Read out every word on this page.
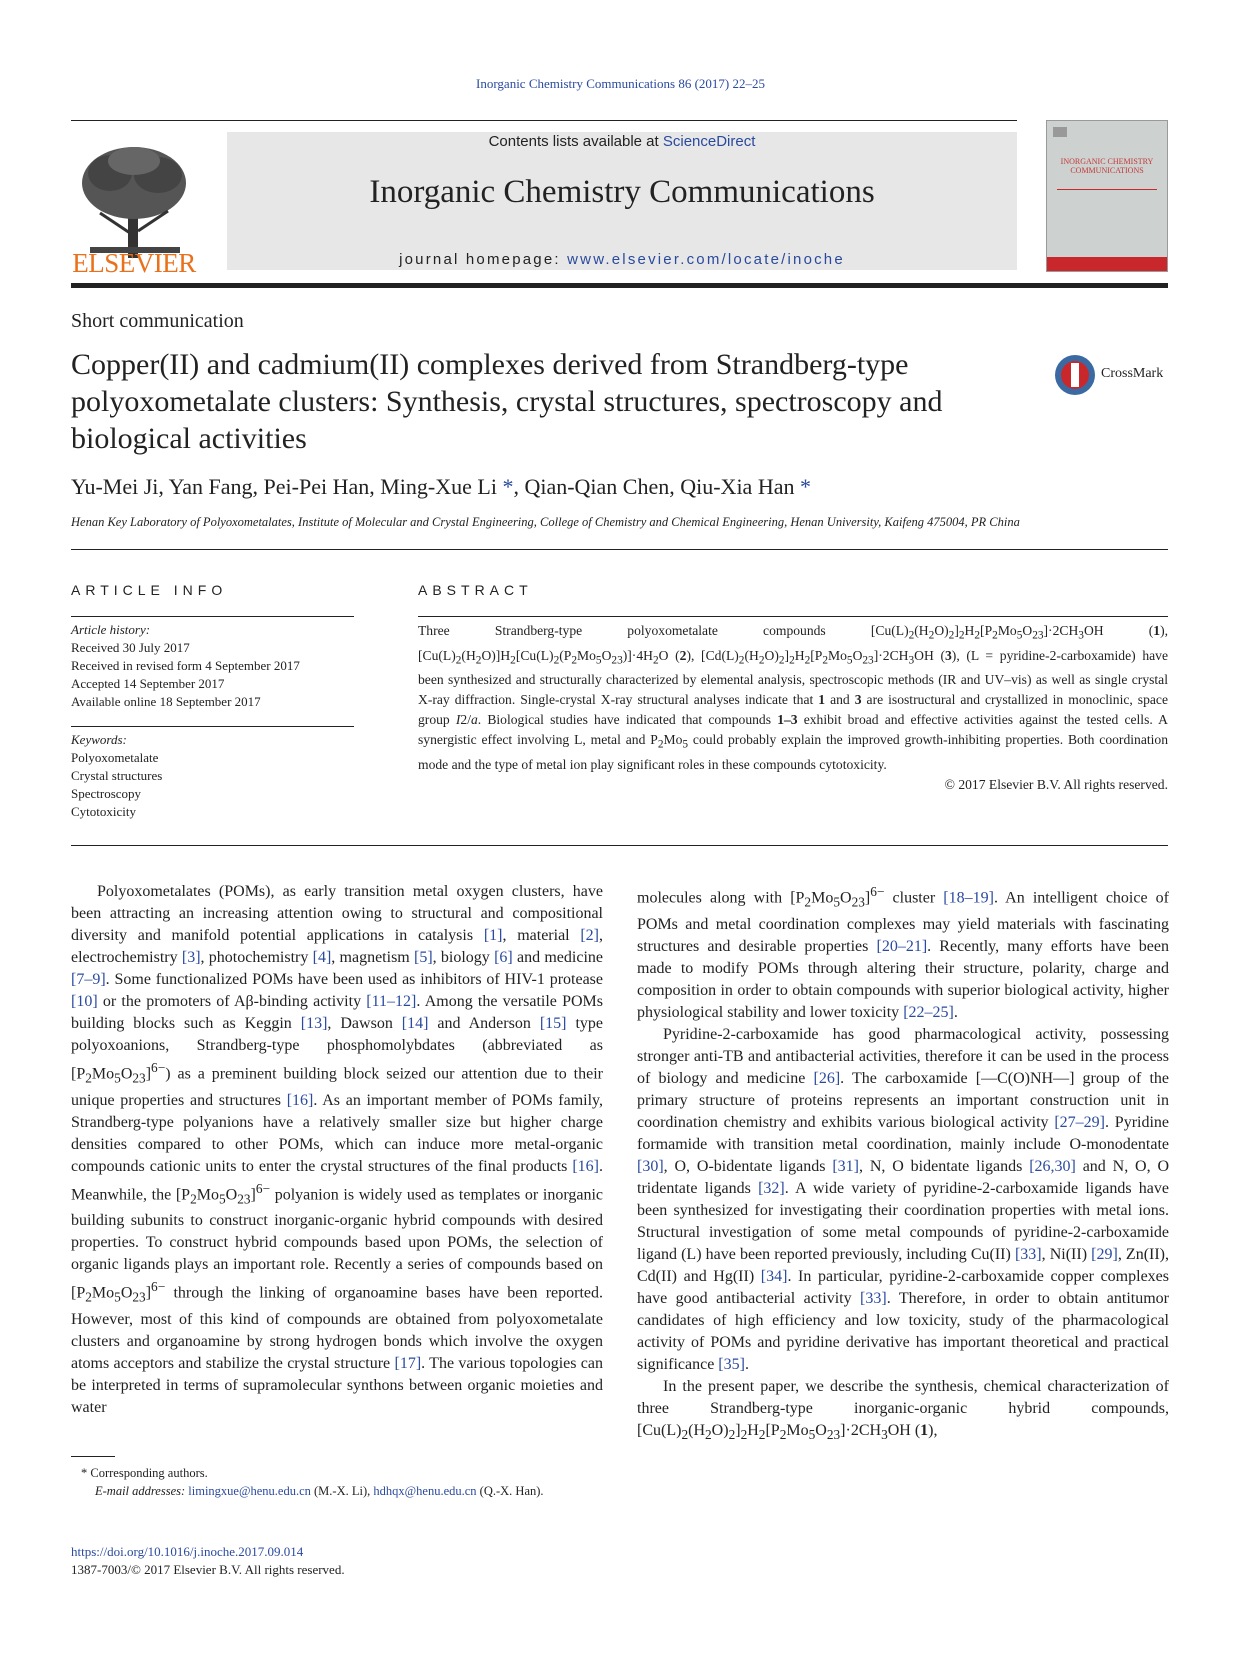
Inorganic Chemistry Communications 86 (2017) 22–25
ELSEVIER
Contents lists available at ScienceDirect
Inorganic Chemistry Communications
journal homepage: www.elsevier.com/locate/inoche
INORGANIC CHEMISTRY COMMUNICATIONS
Short communication
Copper(II) and cadmium(II) complexes derived from Strandberg-type polyoxometalate clusters: Synthesis, crystal structures, spectroscopy and biological activities
CrossMark
Yu-Mei Ji, Yan Fang, Pei-Pei Han, Ming-Xue Li *, Qian-Qian Chen, Qiu-Xia Han *
Henan Key Laboratory of Polyoxometalates, Institute of Molecular and Crystal Engineering, College of Chemistry and Chemical Engineering, Henan University, Kaifeng 475004, PR China
ARTICLE INFO
Article history:
Received 30 July 2017
Received in revised form 4 September 2017
Accepted 14 September 2017
Available online 18 September 2017
Keywords:
Polyoxometalate
Crystal structures
Spectroscopy
Cytotoxicity
ABSTRACT
Three Strandberg-type polyoxometalate compounds $[Cu(L)_2(H_2O)_2]_2H_2[P_2Mo_5O_{23}]\cdot 2CH_3OH$ (1), $[Cu(L)_2(H_2O)]H_2[Cu(L)_2(P_2Mo_5O_{23})]\cdot 4H_2O$ (2), $[Cd(L)_2(H_2O)_2]_2H_2[P_2Mo_5O_{23}]\cdot 2CH_3OH$ (3), (L = pyridine-2-carboxamide) have been synthesized and structurally characterized by elemental analysis, spectroscopic methods (IR and UV–vis) as well as single crystal X-ray diffraction. Single-crystal X-ray structural analyses indicate that 1 and 3 are isostructural and crystallized in monoclinic, space group I2/a. Biological studies have indicated that compounds 1–3 exhibit broad and effective activities against the tested cells. A synergistic effect involving L, metal and $P_2Mo_5$ could probably explain the improved growth-inhibiting properties. Both coordination mode and the type of metal ion play significant roles in these compounds cytotoxicity.
© 2017 Elsevier B.V. All rights reserved.

Polyoxometalates (POMs), as early transition metal oxygen clusters, have been attracting an increasing attention owing to structural and compositional diversity and manifold potential applications in catalysis [1], material [2], electrochemistry [3], photochemistry [4], magnetism [5], biology [6] and medicine [7–9]. Some functionalized POMs have been used as inhibitors of HIV-1 protease [10] or the promoters of Aβ-binding activity [11–12]. Among the versatile POMs building blocks such as Keggin [13], Dawson [14] and Anderson [15] type polyoxoanions, Strandberg-type phosphomolybdates (abbreviated as $[P_2Mo_5O_{23}]^{6-}$) as a preminent building block seized our attention due to their unique properties and structures [16]. As an important member of POMs family, Strandberg-type polyanions have a relatively smaller size but higher charge densities compared to other POMs, which can induce more metal-organic compounds cationic units to enter the crystal structures of the final products [16]. Meanwhile, the $[P_2Mo_5O_{23}]^{6-}$ polyanion is widely used as templates or inorganic building subunits to construct inorganic-organic hybrid compounds with desired properties. To construct hybrid compounds based upon POMs, the selection of organic ligands plays an important role. Recently a series of compounds based on $[P_2Mo_5O_{23}]^{6-}$ through the linking of organoamine bases have been reported. However, most of this kind of compounds are obtained from polyoxometalate clusters and organoamine by strong hydrogen bonds which involve the oxygen atoms acceptors and stabilize the crystal structure [17]. The various topologies can be interpreted in terms of supramolecular synthons between organic moieties and water

molecules along with $[P_2Mo_5O_{23}]^{6-}$ cluster [18–19]. An intelligent choice of POMs and metal coordination complexes may yield materials with fascinating structures and desirable properties [20–21]. Recently, many efforts have been made to modify POMs through altering their structure, polarity, charge and composition in order to obtain compounds with superior biological activity, higher physiological stability and lower toxicity [22–25].

Pyridine-2-carboxamide has good pharmacological activity, possessing stronger anti-TB and antibacterial activities, therefore it can be used in the process of biology and medicine [26]. The carboxamide [—C(O)NH—] group of the primary structure of proteins represents an important construction unit in coordination chemistry and exhibits various biological activity [27–29]. Pyridine formamide with transition metal coordination, mainly include O-monodentate [30], O, O-bidentate ligands [31], N, O bidentate ligands [26,30] and N, O, O tridentate ligands [32]. A wide variety of pyridine-2-carboxamide ligands have been synthesized for investigating their coordination properties with metal ions. Structural investigation of some metal compounds of pyridine-2-carboxamide ligand (L) have been reported previously, including Cu(II) [33], Ni(II) [29], Zn(II), Cd(II) and Hg(II) [34]. In particular, pyridine-2-carboxamide copper complexes have good antibacterial activity [33]. Therefore, in order to obtain antitumor candidates of high efficiency and low toxicity, study of the pharmacological activity of POMs and pyridine derivative has important theoretical and practical significance [35].

In the present paper, we describe the synthesis, chemical characterization of three Strandberg-type inorganic-organic hybrid compounds, $[Cu(L)_2(H_2O)_2]_2H_2[P_2Mo_5O_{23}]\cdot 2CH_3OH$ (1),

* Corresponding authors.
E-mail addresses: limingxue@henu.edu.cn (M.-X. Li), hdhqx@henu.edu.cn (Q.-X. Han).
https://doi.org/10.1016/j.inoche.2017.09.014
1387-7003/© 2017 Elsevier B.V. All rights reserved.
